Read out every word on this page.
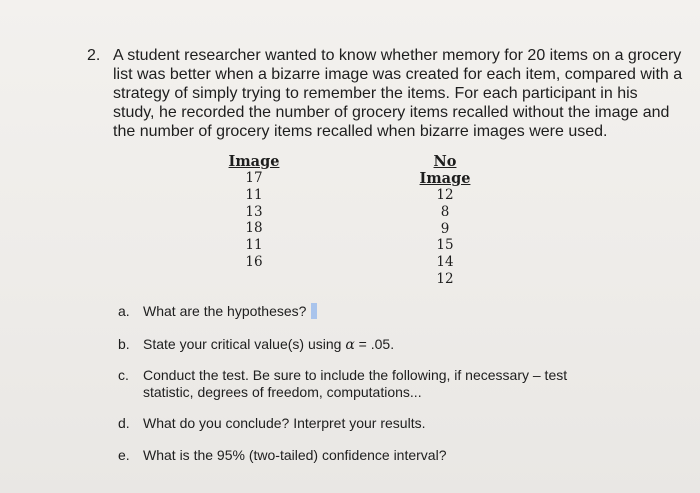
2. A student researcher wanted to know whether memory for 20 items on a grocery
list was better when a bizarre image was created for each item, compared with a
strategy of simply trying to remember the items. For each participant in his
study, he recorded the number of grocery items recalled without the image and
the number of grocery items recalled when bizarre images were used.
Image
17
11
13
18
11
16
No Image
12
8
9
15
14
12
a. What are the hypotheses?
b. State your critical value(s) using α = .05.
c. Conduct the test. Be sure to include the following, if necessary – test
statistic, degrees of freedom, computations...
d. What do you conclude? Interpret your results.
e. What is the 95% (two-tailed) confidence interval?
